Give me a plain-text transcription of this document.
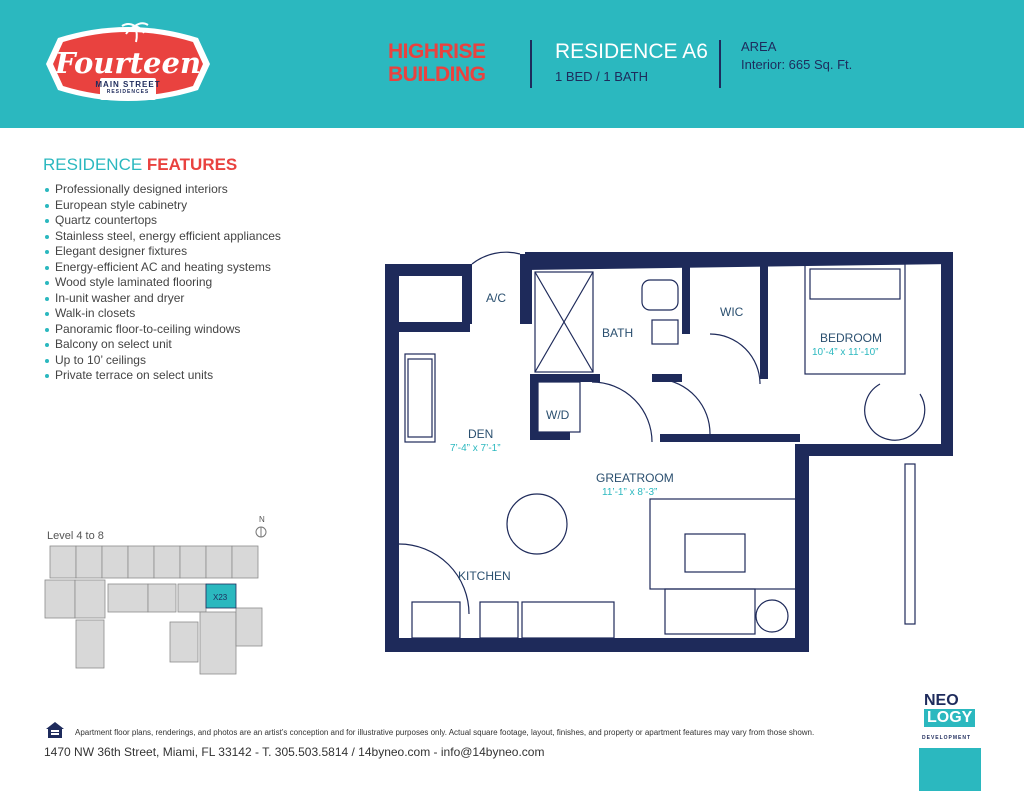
Fourteen
MAIN STREET
RESIDENCES
HIGHRISE
BUILDING
RESIDENCE A6
1 BED / 1 BATH
AREA
Interior: 665 Sq. Ft.
RESIDENCE FEATURES
Professionally designed interiors
European style cabinetry
Quartz countertops
Stainless steel, energy efficient appliances
Elegant designer fixtures
Energy-efficient AC and heating systems
Wood style laminated flooring
In-unit washer and dryer
Walk-in closets
Panoramic floor-to-ceiling windows
Balcony on select unit
Up to 10’ ceilings
Private terrace on select units
Level 4 to 8
N
X23
A/C
BATH
WIC
BEDROOM
10’-4” x 11’-10”
W/D
DEN
7’-4” x 7’-1”
GREATROOM
11’-1” x 8’-3”
KITCHEN
Apartment floor plans, renderings, and photos are an artist’s conception and for illustrative purposes only. Actual square footage, layout, finishes, and property or apartment features may vary from those shown.
1470 NW 36th Street, Miami, FL 33142 - T. 305.503.5814 / 14byneo.com - info@14byneo.com
NEO
LOGY
DEVELOPMENT
